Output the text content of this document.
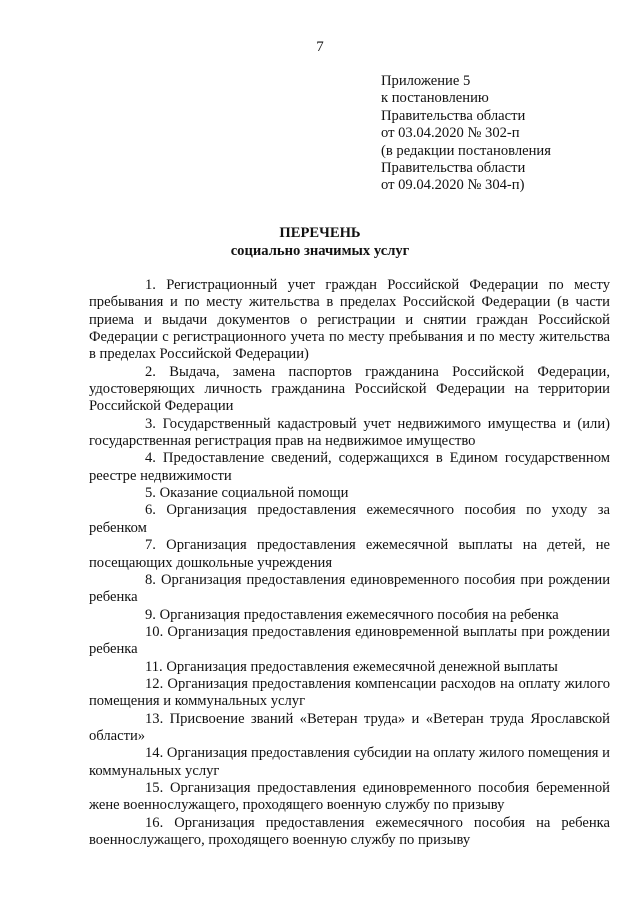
7
Приложение 5
к постановлению
Правительства области
от 03.04.2020 № 302-п
(в редакции постановления
Правительства области
от 09.04.2020 № 304-п)
ПЕРЕЧЕНЬ
социально значимых услуг

1. Регистрационный учет граждан Российской Федерации по месту пребывания и по месту жительства в пределах Российской Федерации (в части приема и выдачи документов о регистрации и снятии граждан Российской Федерации с регистрационного учета по месту пребывания и по месту жительства в пределах Российской Федерации)

2. Выдача, замена паспортов гражданина Российской Федерации, удостоверяющих личность гражданина Российской Федерации на территории Российской Федерации

3. Государственный кадастровый учет недвижимого имущества и (или) государственная регистрация прав на недвижимое имущество

4. Предоставление сведений, содержащихся в Едином государственном реестре недвижимости

5. Оказание социальной помощи

6. Организация предоставления ежемесячного пособия по уходу за ребенком

7. Организация предоставления ежемесячной выплаты на детей, не посещающих дошкольные учреждения

8. Организация предоставления единовременного пособия при рождении ребенка

9. Организация предоставления ежемесячного пособия на ребенка

10. Организация предоставления единовременной выплаты при рождении ребенка

11. Организация предоставления ежемесячной денежной выплаты

12. Организация предоставления компенсации расходов на оплату жилого помещения и коммунальных услуг

13. Присвоение званий «Ветеран труда» и «Ветеран труда Ярославской области»

14. Организация предоставления субсидии на оплату жилого помещения и коммунальных услуг

15. Организация предоставления единовременного пособия беременной жене военнослужащего, проходящего военную службу по призыву

16. Организация предоставления ежемесячного пособия на ребенка военнослужащего, проходящего военную службу по призыву
